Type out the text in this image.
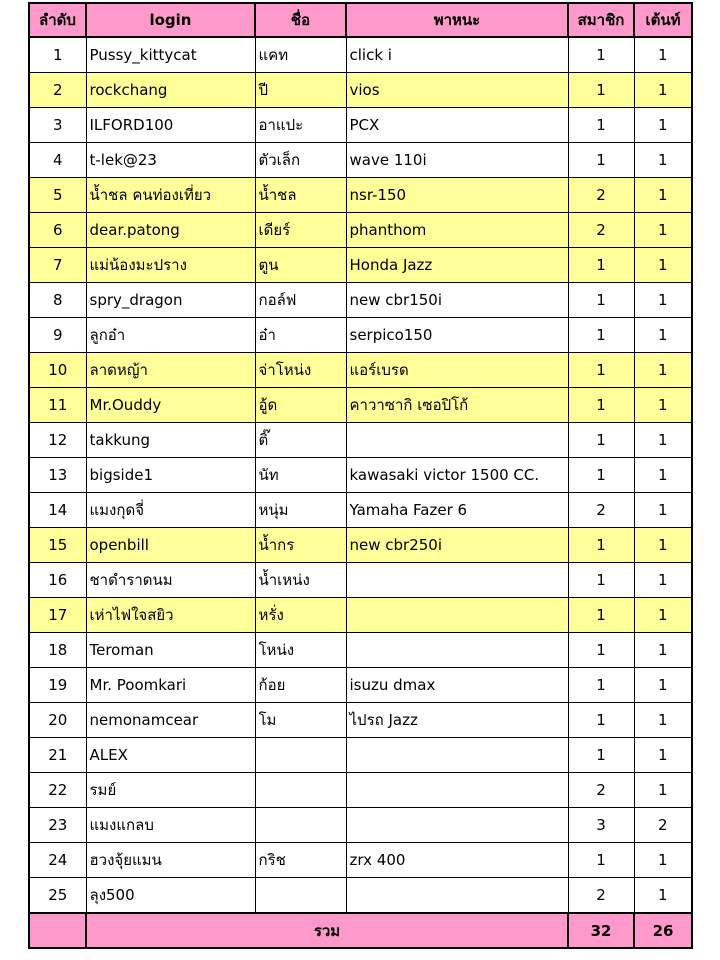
ลำดับ	login	ชื่อ	พาหนะ	สมาชิก	เต้นท์
1	Pussy_kittycat	แคท	click i	1	1
2	rockchang	ปี	vios	1	1
3	ILFORD100	อาแปะ	PCX	1	1
4	t-lek@23	ตัวเล็ก	wave 110i	1	1
5	น้ำชล คนท่องเที่ยว	น้ำชล	nsr-150	2	1
6	dear.patong	เดียร์	phanthom	2	1
7	แม่น้องมะปราง	ตูน	Honda Jazz	1	1
8	spry_dragon	กอล์ฟ	new cbr150i	1	1
9	ลูกอ๋า	อ๋า	serpico150	1	1
10	ลาดหญ้า	จ่าโหน่ง	แอร์เบรด	1	1
11	Mr.Ouddy	อู้ด	คาวาซากิ เซอปิโก้	1	1
12	takkung	ติ๊		1	1
13	bigside1	นัท	kawasaki victor 1500 CC.	1	1
14	แมงกุดจี่	หนุ่ม	Yamaha Fazer 6	2	1
15	openbill	น้ำกร	new cbr250i	1	1
16	ชาดำราดนม	น้ำเหน่ง		1	1
17	เห่าไฟใจสยิว	หรั่ง		1	1
18	Teroman	โหน่ง		1	1
19	Mr. Poomkari	ก้อย	isuzu dmax	1	1
20	nemonamcear	โม	ไปรถ Jazz	1	1
21	ALEX			1	1
22	รมย์			2	1
23	แมงแกลบ			3	2
24	ฮวงจุ้ยแมน	กริช	zrx 400	1	1
25	ลุง500			2	1
	รวม			32	26
